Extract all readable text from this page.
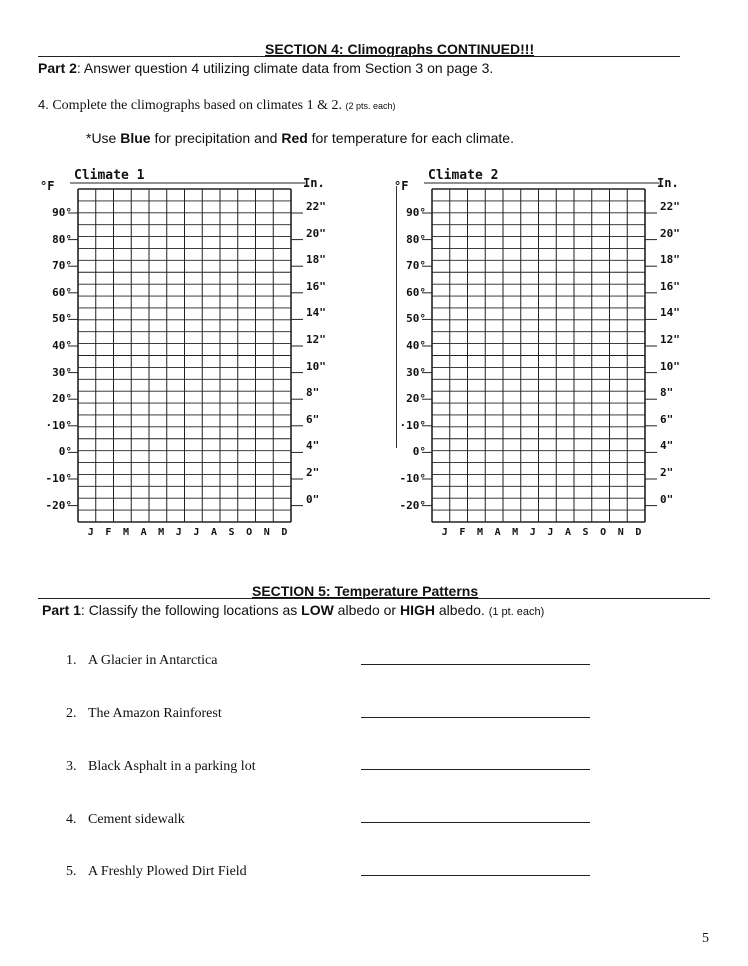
SECTION 4: Climographs CONTINUED!!!
Part 2: Answer question 4 utilizing climate data from Section 3 on page 3.
4. Complete the climographs based on climates 1 & 2. (2 pts. each)
*Use Blue for precipitation and Red for temperature for each climate.
Climate 1
°F	In.
90°
80°
70°
60°
50°
40°
30°
20°
·10°
0°
-10°
-20°
22"
20"
18"
16"
14"
12"
10"
8"
6"
4"
2"
0"
J F M A M J J A S O N D
Climate 2
°F	In.
90°
80°
70°
60°
50°
40°
30°
20°
·10°
0°
-10°
-20°
22"
20"
18"
16"
14"
12"
10"
8"
6"
4"
2"
0"
J F M A M J J A S O N D
SECTION 5: Temperature Patterns
Part 1: Classify the following locations as LOW albedo or HIGH albedo. (1 pt. each)
1. A Glacier in Antarctica
2. The Amazon Rainforest
3. Black Asphalt in a parking lot
4. Cement sidewalk
5. A Freshly Plowed Dirt Field
5
